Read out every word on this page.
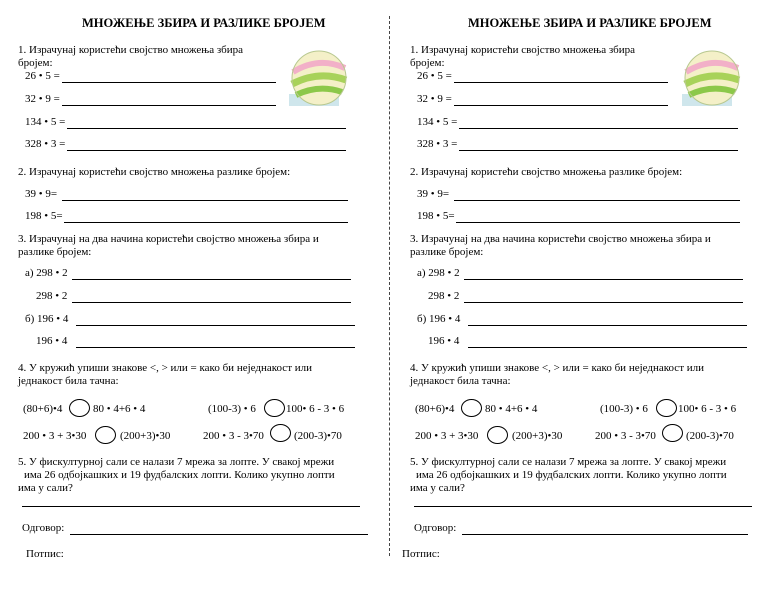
МНОЖЕЊЕ ЗБИРА И РАЗЛИКЕ БРОЈЕМ
1. Израчунај користећи својство множења збира
бројем:
26 • 5 =
32 • 9 =
134 • 5 =
328 • 3 =
2. Израчунај користећи својство множења разлике бројем:
39 • 9=
198 • 5=
3. Израчунај на два начина користећи својство множења збира и
разлике бројем:
а) 298 • 2
298 • 2
б) 196 • 4
196 • 4
4. У кружић упиши знакове <, > или = како би неједнакост или
једнакост била тачна:
(80+6)•4	80 • 4+6 • 4	(100-3) • 6	100• 6 - 3 • 6
200 • 3 + 3•30	(200+3)•30	200 • 3 - 3•70	(200-3)•70
5. У фискултурној сали се налази 7 мрежа за лопте. У свакој мрежи
има 26 одбојкашких и 19 фудбалских лопти. Колико укупно лопти
има у сали?
Одговор:
Потпис:
МНОЖЕЊЕ ЗБИРА И РАЗЛИКЕ БРОЈЕМ
1. Израчунај користећи својство множења збира
бројем:
26 • 5 =
32 • 9 =
134 • 5 =
328 • 3 =
2. Израчунај користећи својство множења разлике бројем:
39 • 9=
198 • 5=
3. Израчунај на два начина користећи својство множења збира и
разлике бројем:
а) 298 • 2
298 • 2
б) 196 • 4
196 • 4
4. У кружић упиши знакове <, > или = како би неједнакост или
једнакост била тачна:
(80+6)•4	80 • 4+6 • 4	(100-3) • 6	100• 6 - 3 • 6
200 • 3 + 3•30	(200+3)•30	200 • 3 - 3•70	(200-3)•70
5. У фискултурној сали се налази 7 мрежа за лопте. У свакој мрежи
има 26 одбојкашких и 19 фудбалских лопти. Колико укупно лопти
има у сали?
Одговор:
Потпис:
